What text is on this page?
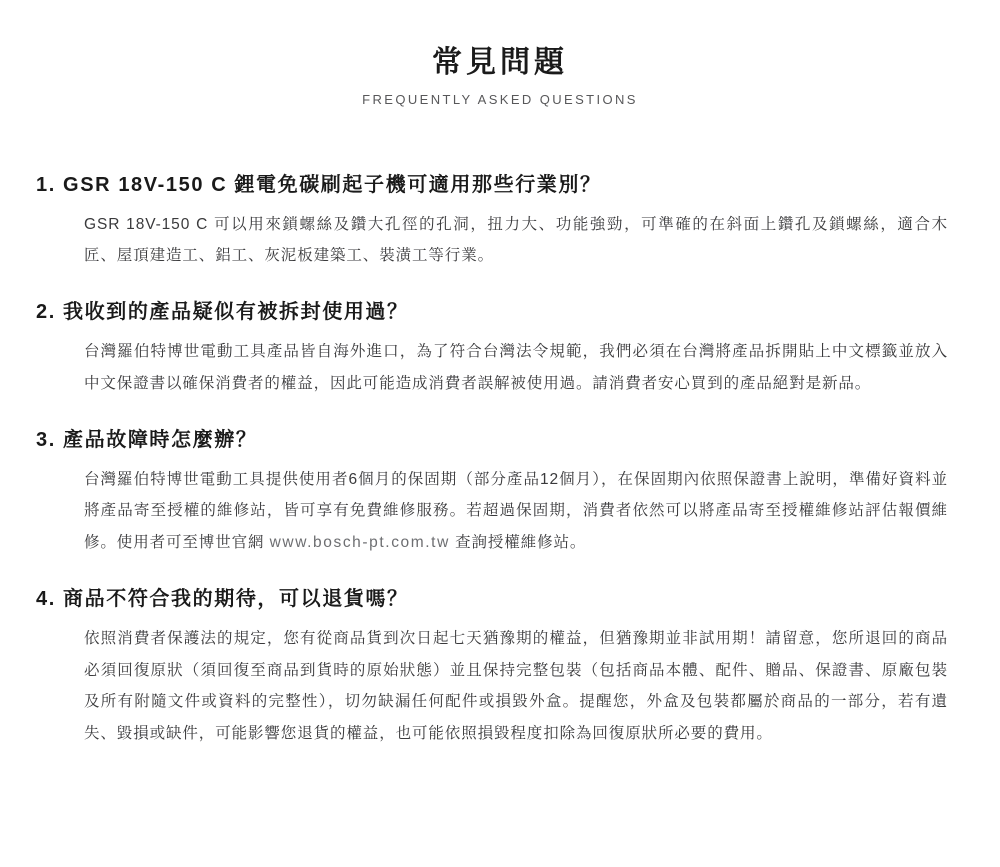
常見問題
FREQUENTLY ASKED QUESTIONS
1. GSR 18V-150 C 鋰電免碳刷起子機可適用那些行業別？
GSR 18V-150 C 可以用來鎖螺絲及鑽大孔徑的孔洞，扭力大、功能強勁，可準確的在斜面上鑽孔及鎖螺絲，適合木匠、屋頂建造工、鋁工、灰泥板建築工、裝潢工等行業。
2. 我收到的產品疑似有被拆封使用過？
台灣羅伯特博世電動工具產品皆自海外進口，為了符合台灣法令規範，我們必須在台灣將產品拆開貼上中文標籤並放入中文保證書以確保消費者的權益，因此可能造成消費者誤解被使用過。請消費者安心買到的產品絕對是新品。
3. 產品故障時怎麼辦？
台灣羅伯特博世電動工具提供使用者6個月的保固期（部分產品12個月），在保固期內依照保證書上說明，準備好資料並將產品寄至授權的維修站，皆可享有免費維修服務。若超過保固期，消費者依然可以將產品寄至授權維修站評估報價維修。使用者可至博世官網 www.bosch-pt.com.tw 查詢授權維修站。
4. 商品不符合我的期待，可以退貨嗎？
依照消費者保護法的規定，您有從商品貨到次日起七天猶豫期的權益，但猶豫期並非試用期！請留意，您所退回的商品必須回復原狀（須回復至商品到貨時的原始狀態）並且保持完整包裝（包括商品本體、配件、贈品、保證書、原廠包裝及所有附隨文件或資料的完整性），切勿缺漏任何配件或損毀外盒。提醒您，外盒及包裝都屬於商品的一部分，若有遺失、毀損或缺件，可能影響您退貨的權益，也可能依照損毀程度扣除為回復原狀所必要的費用。
